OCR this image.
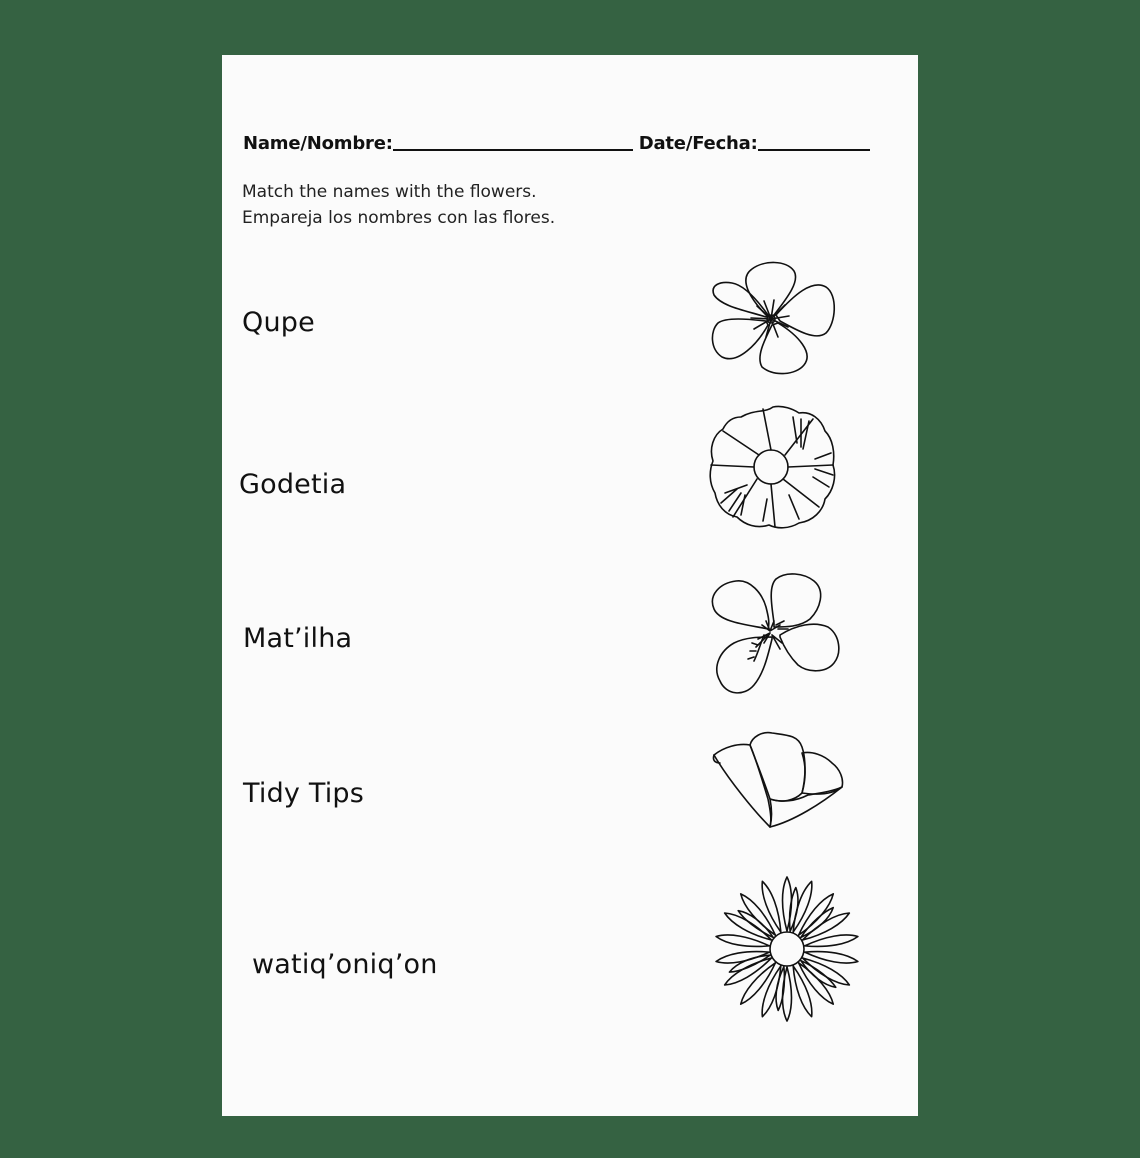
Name/Nombre:	Date/Fecha:
Match the names with the flowers.
Empareja los nombres con las flores.
Qupe
Godetia
Mat’ilha
Tidy Tips
watiq’oniq’on
